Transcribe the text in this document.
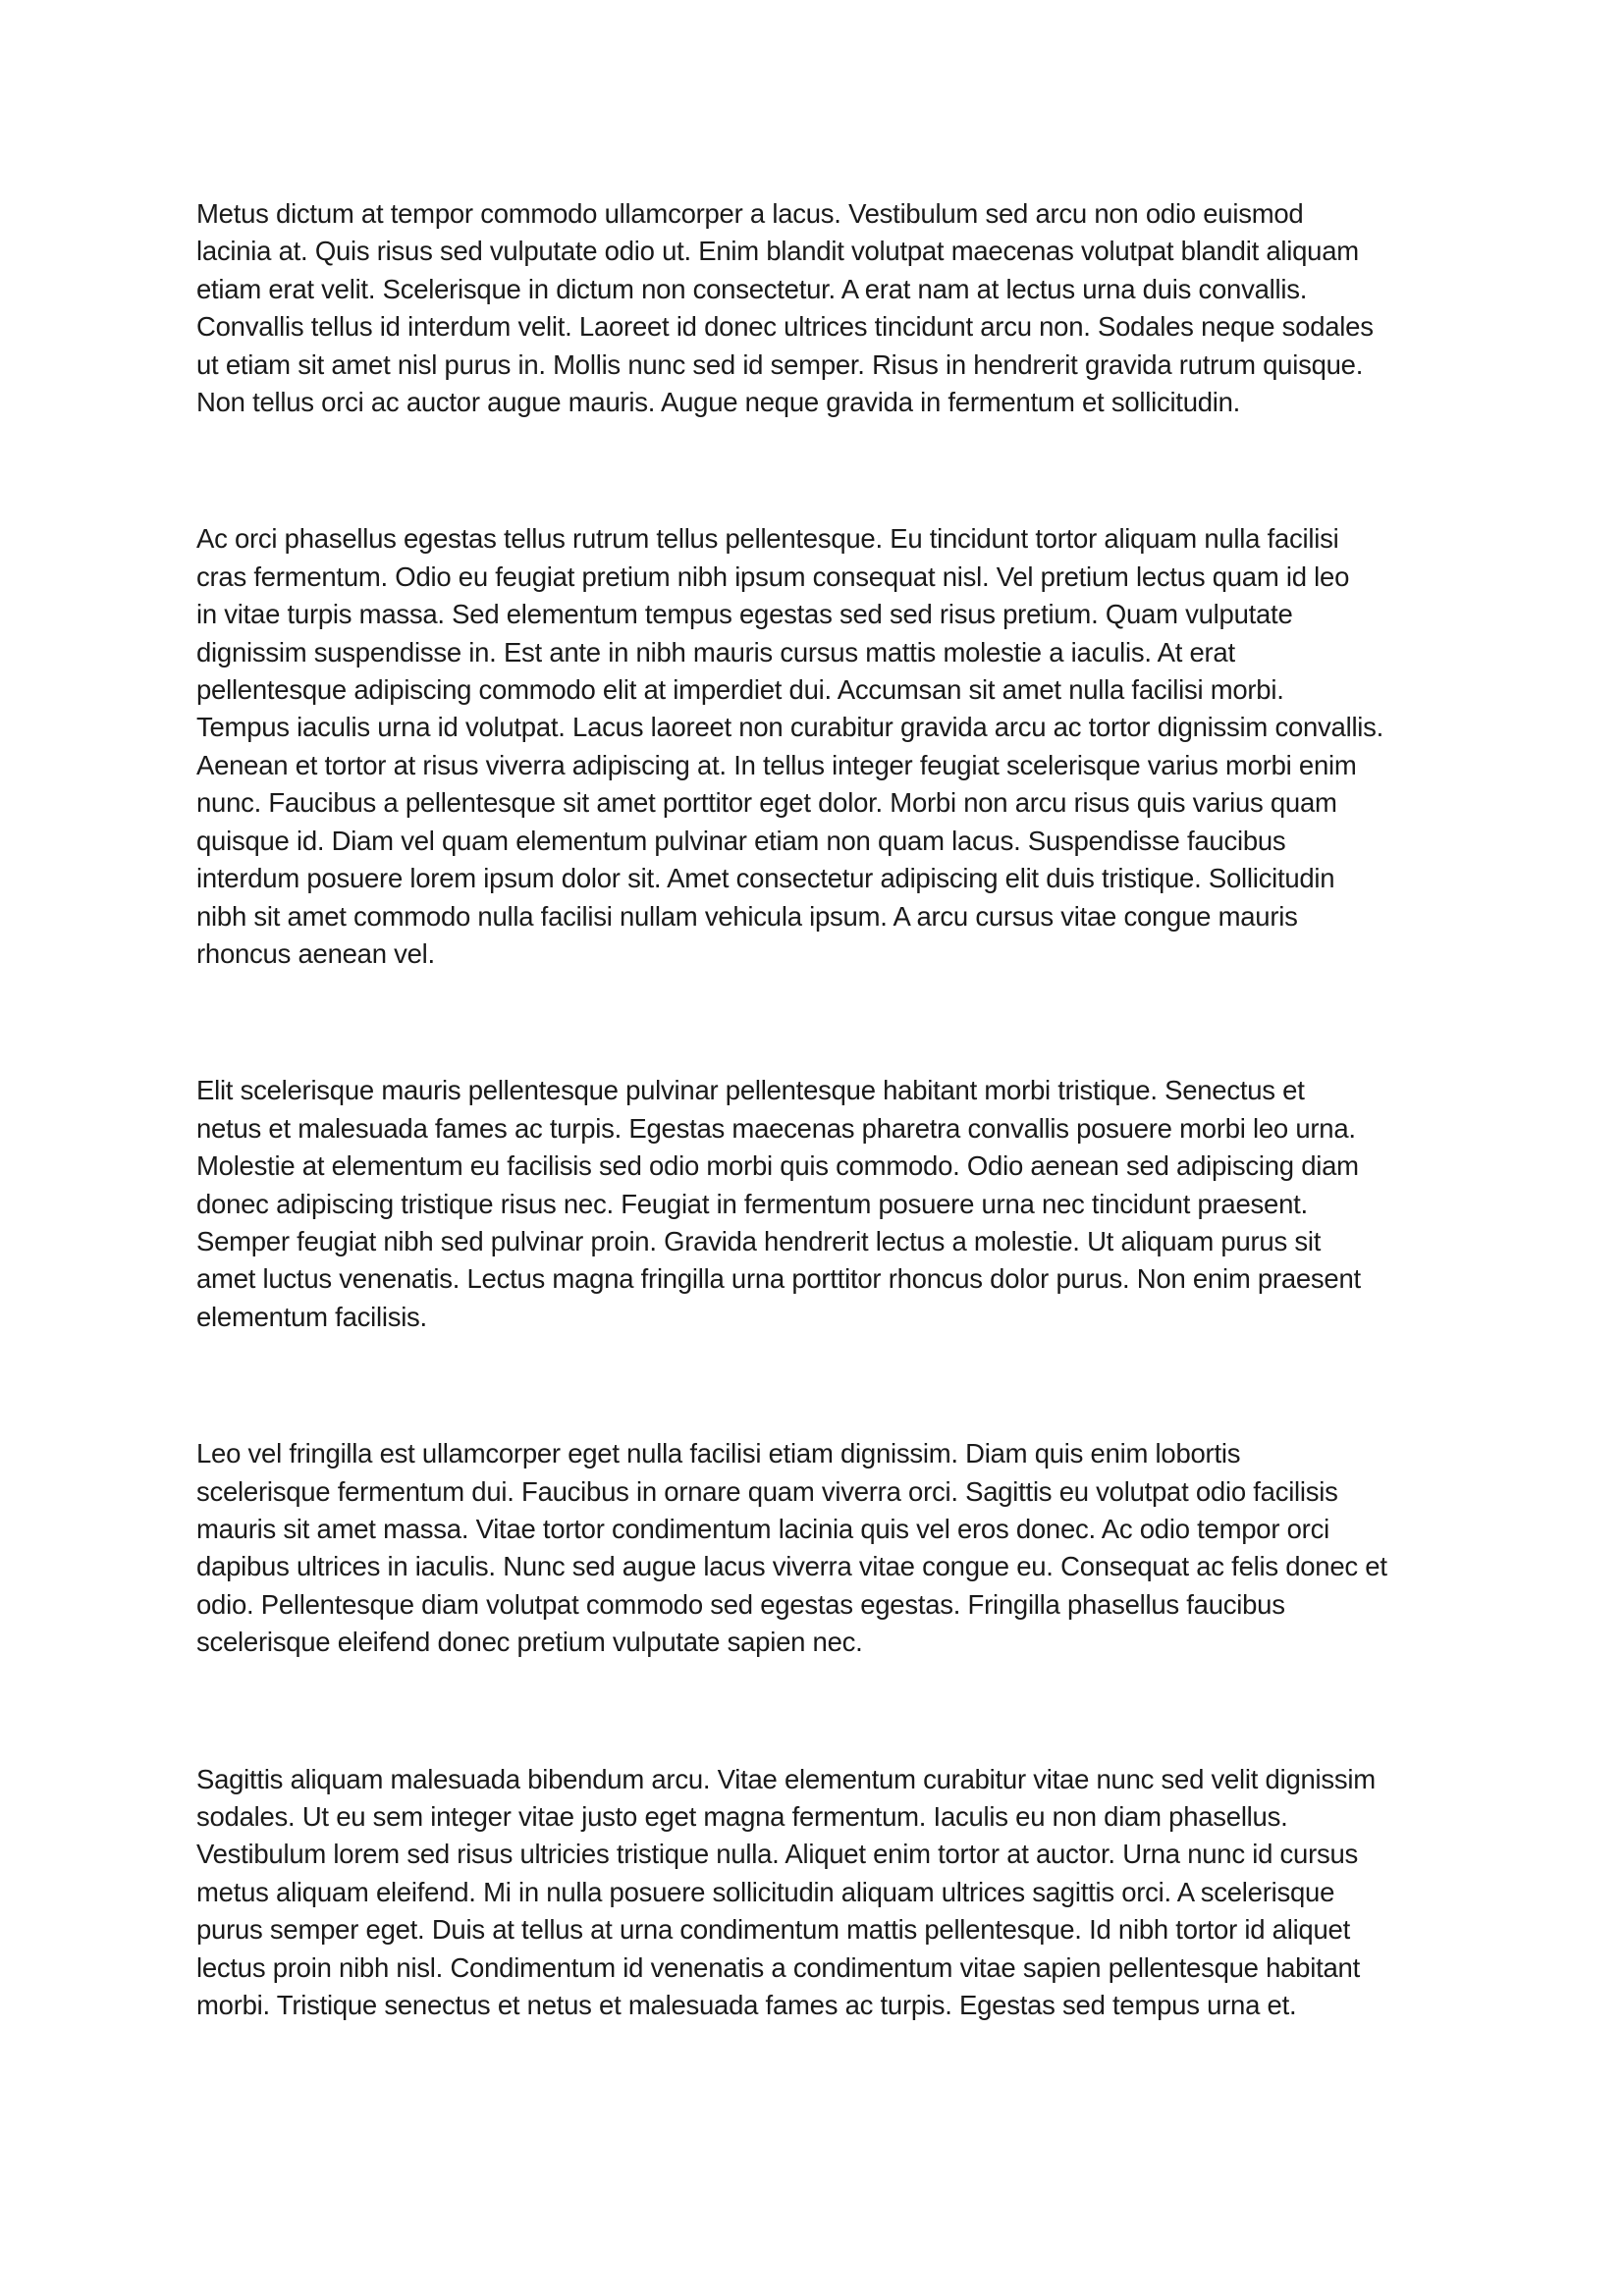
Metus dictum at tempor commodo ullamcorper a lacus. Vestibulum sed arcu non odio euismod
lacinia at. Quis risus sed vulputate odio ut. Enim blandit volutpat maecenas volutpat blandit aliquam
etiam erat velit. Scelerisque in dictum non consectetur. A erat nam at lectus urna duis convallis.
Convallis tellus id interdum velit. Laoreet id donec ultrices tincidunt arcu non. Sodales neque sodales
ut etiam sit amet nisl purus in. Mollis nunc sed id semper. Risus in hendrerit gravida rutrum quisque.
Non tellus orci ac auctor augue mauris. Augue neque gravida in fermentum et sollicitudin.

Ac orci phasellus egestas tellus rutrum tellus pellentesque. Eu tincidunt tortor aliquam nulla facilisi
cras fermentum. Odio eu feugiat pretium nibh ipsum consequat nisl. Vel pretium lectus quam id leo
in vitae turpis massa. Sed elementum tempus egestas sed sed risus pretium. Quam vulputate
dignissim suspendisse in. Est ante in nibh mauris cursus mattis molestie a iaculis. At erat
pellentesque adipiscing commodo elit at imperdiet dui. Accumsan sit amet nulla facilisi morbi.
Tempus iaculis urna id volutpat. Lacus laoreet non curabitur gravida arcu ac tortor dignissim convallis.
Aenean et tortor at risus viverra adipiscing at. In tellus integer feugiat scelerisque varius morbi enim
nunc. Faucibus a pellentesque sit amet porttitor eget dolor. Morbi non arcu risus quis varius quam
quisque id. Diam vel quam elementum pulvinar etiam non quam lacus. Suspendisse faucibus
interdum posuere lorem ipsum dolor sit. Amet consectetur adipiscing elit duis tristique. Sollicitudin
nibh sit amet commodo nulla facilisi nullam vehicula ipsum. A arcu cursus vitae congue mauris
rhoncus aenean vel.

Elit scelerisque mauris pellentesque pulvinar pellentesque habitant morbi tristique. Senectus et
netus et malesuada fames ac turpis. Egestas maecenas pharetra convallis posuere morbi leo urna.
Molestie at elementum eu facilisis sed odio morbi quis commodo. Odio aenean sed adipiscing diam
donec adipiscing tristique risus nec. Feugiat in fermentum posuere urna nec tincidunt praesent.
Semper feugiat nibh sed pulvinar proin. Gravida hendrerit lectus a molestie. Ut aliquam purus sit
amet luctus venenatis. Lectus magna fringilla urna porttitor rhoncus dolor purus. Non enim praesent
elementum facilisis.

Leo vel fringilla est ullamcorper eget nulla facilisi etiam dignissim. Diam quis enim lobortis
scelerisque fermentum dui. Faucibus in ornare quam viverra orci. Sagittis eu volutpat odio facilisis
mauris sit amet massa. Vitae tortor condimentum lacinia quis vel eros donec. Ac odio tempor orci
dapibus ultrices in iaculis. Nunc sed augue lacus viverra vitae congue eu. Consequat ac felis donec et
odio. Pellentesque diam volutpat commodo sed egestas egestas. Fringilla phasellus faucibus
scelerisque eleifend donec pretium vulputate sapien nec.

Sagittis aliquam malesuada bibendum arcu. Vitae elementum curabitur vitae nunc sed velit dignissim
sodales. Ut eu sem integer vitae justo eget magna fermentum. Iaculis eu non diam phasellus.
Vestibulum lorem sed risus ultricies tristique nulla. Aliquet enim tortor at auctor. Urna nunc id cursus
metus aliquam eleifend. Mi in nulla posuere sollicitudin aliquam ultrices sagittis orci. A scelerisque
purus semper eget. Duis at tellus at urna condimentum mattis pellentesque. Id nibh tortor id aliquet
lectus proin nibh nisl. Condimentum id venenatis a condimentum vitae sapien pellentesque habitant
morbi. Tristique senectus et netus et malesuada fames ac turpis. Egestas sed tempus urna et.
